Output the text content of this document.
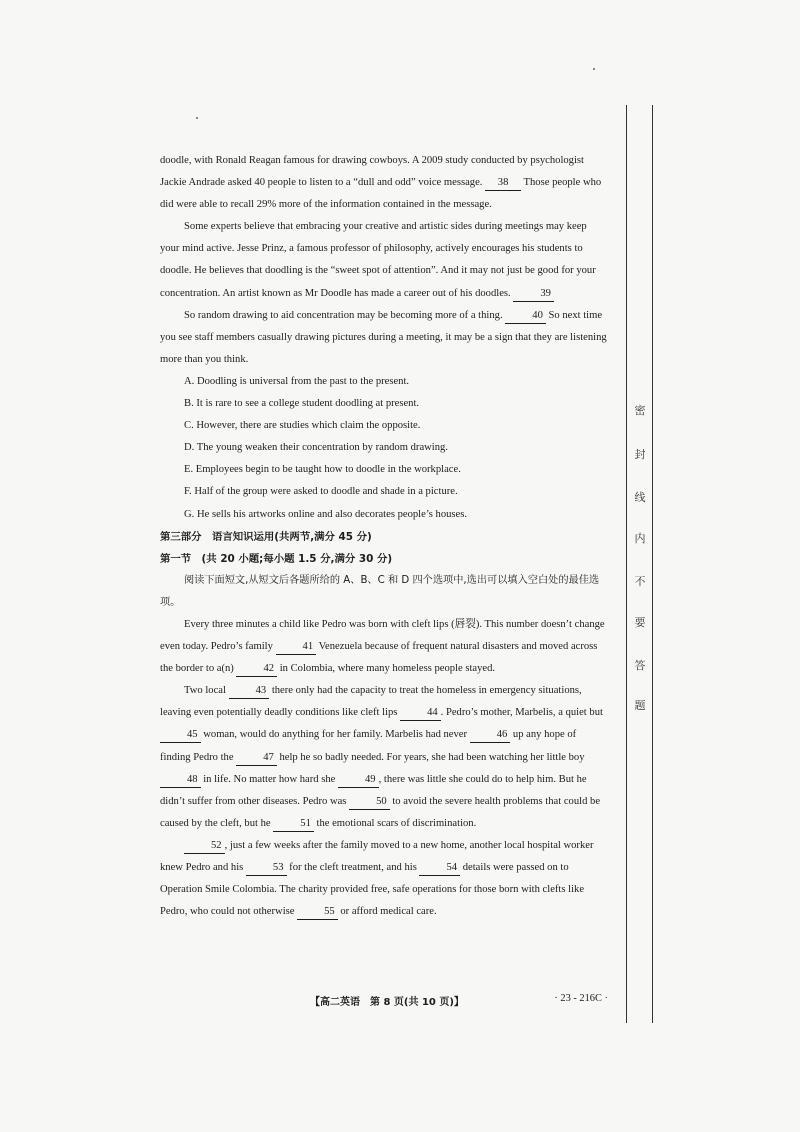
密
封
线
内
不
要
答
题

doodle, with Ronald Reagan famous for drawing cowboys. A 2009 study conducted by psychologist Jackie Andrade asked 40 people to listen to a “dull and odd” voice message. 38 Those people who did were able to recall 29% more of the information contained in the message.

Some experts believe that embracing your creative and artistic sides during meetings may keep your mind active. Jesse Prinz, a famous professor of philosophy, actively encourages his students to doodle. He believes that doodling is the “sweet spot of attention”. And it may not just be good for your concentration. An artist known as Mr Doodle has made a career out of his doodles.	39

So random drawing to aid concentration may be becoming more of a thing.	40 So next time you see staff members casually drawing pictures during a meeting, it may be a sign that they are listening more than you think.

A. Doodling is universal from the past to the present.

B. It is rare to see a college student doodling at present.

C. However, there are studies which claim the opposite.

D. The young weaken their concentration by random drawing.

E. Employees begin to be taught how to doodle in the workplace.

F. Half of the group were asked to doodle and shade in a picture.

G. He sells his artworks online and also decorates people’s houses.

第三部分　语言知识运用(共两节,满分 45 分)

第一节　(共 20 小题;每小题 1.5 分,满分 30 分)

阅读下面短文,从短文后各题所给的 A、B、C 和 D 四个选项中,选出可以填入空白处的最佳选项。

Every three minutes a child like Pedro was born with cleft lips (唇裂). This number doesn’t change even today. Pedro’s family	41 Venezuela because of frequent natural disasters and moved across the border to a(n)	42 in Colombia, where many homeless people stayed.

Two local	43 there only had the capacity to treat the homeless in emergency situations, leaving even potentially deadly conditions like cleft lips	44 . Pedro’s mother, Marbelis, a quiet but 45 woman, would do anything for her family. Marbelis had never	46 up any hope of finding Pedro the	47 help he so badly needed. For years, she had been watching her little boy 48 in life. No matter how hard she	49 , there was little she could do to help him. But he didn’t suffer from other diseases. Pedro was	50 to avoid the severe health problems that could be caused by the cleft, but he	51 the emotional scars of discrimination.

52 , just a few weeks after the family moved to a new home, another local hospital worker knew Pedro and his	53 for the cleft treatment, and his	54 details were passed on to Operation Smile Colombia. The charity provided free, safe operations for those born with clefts like Pedro, who could not otherwise	55 or afford medical care.

【高二英语　第 8 页(共 10 页)】	· 23 - 216C ·
